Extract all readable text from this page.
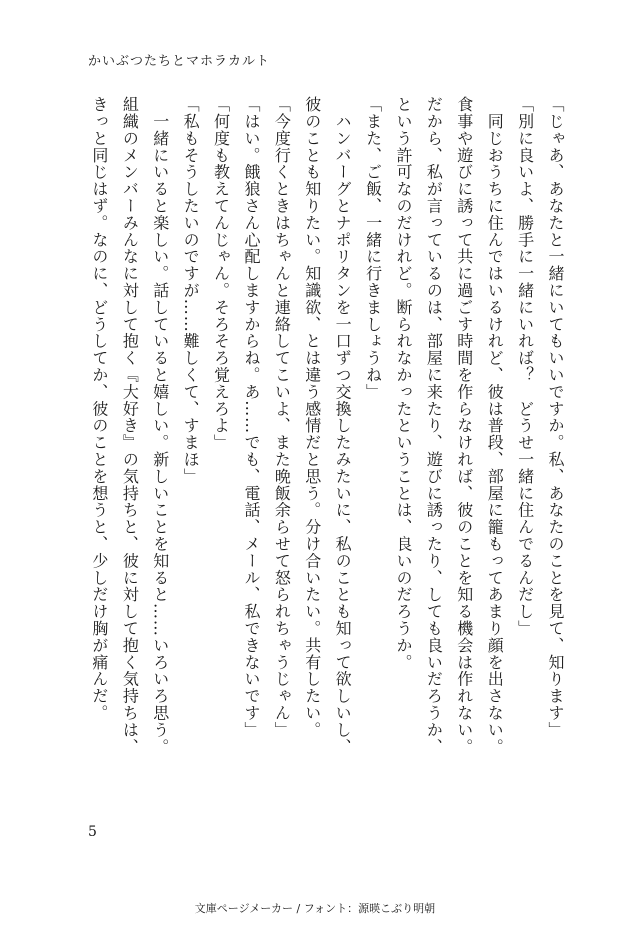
かいぶつたちとマホラカルト
「じゃあ、あなたと一緒にいてもいいですか。私、あなたのことを見て、知ります」
「別に良いよ、勝手に一緒にいれば？　どうせ一緒に住んでるんだし」
　同じおうちに住んではいるけれど、彼は普段、部屋に籠もってあまり顔を出さない。
食事や遊びに誘って共に過ごす時間を作らなければ、彼のことを知る機会は作れない。
だから、私が言っているのは、部屋に来たり、遊びに誘ったり、しても良いだろうか、
という許可なのだけれど。断られなかったということは、良いのだろうか。
「また、ご飯、一緒に行きましょうね」
　ハンバーグとナポリタンを一口ずつ交換したみたいに、私のことも知って欲しいし、
彼のことも知りたい。知識欲、とは違う感情だと思う。分け合いたい。共有したい。
「今度行くときはちゃんと連絡してこいよ、また晩飯余らせて怒られちゃうじゃん」
「はい。餓狼さん心配しますからね。あ……でも、電話、メール、私できないです」
「何度も教えてんじゃん。そろそろ覚えろよ」
「私もそうしたいのですが……難しくて、すまほ」
　一緒にいると楽しい。話していると嬉しい。新しいことを知ると……いろいろ思う。
組織のメンバーみんなに対して抱く『大好き』の気持ちと、彼に対して抱く気持ちは、
きっと同じはず。なのに、どうしてか、彼のことを想うと、少しだけ胸が痛んだ。
5
文庫ページメーカー / フォント：源暎こぶり明朝
